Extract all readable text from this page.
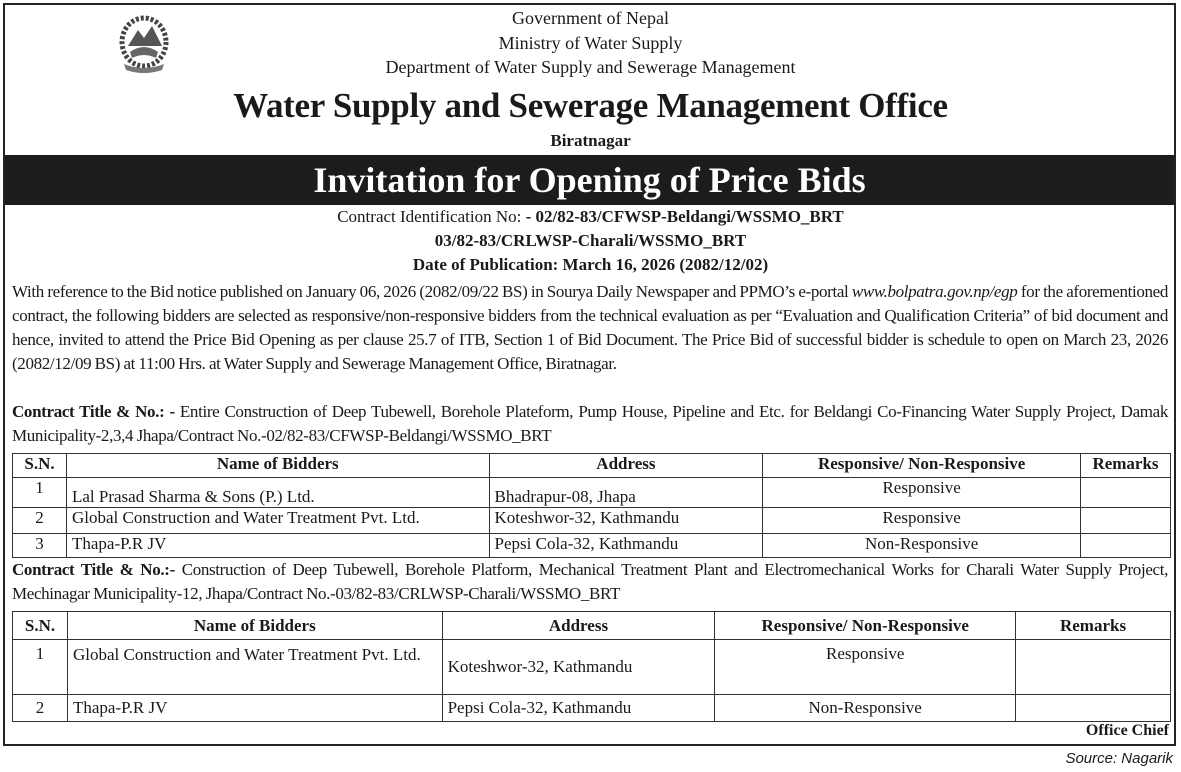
Government of Nepal
Ministry of Water Supply
Department of Water Supply and Sewerage Management
Water Supply and Sewerage Management Office
Biratnagar
Invitation for Opening of Price Bids
Contract Identification No: - 02/82-83/CFWSP-Beldangi/WSSMO_BRT
03/82-83/CRLWSP-Charali/WSSMO_BRT
Date of Publication: March 16, 2026 (2082/12/02)
With reference to the Bid notice published on January 06, 2026 (2082/09/22 BS) in Sourya Daily Newspaper and PPMO’s e-portal www.bolpatra.gov.np/egp for the aforementioned contract, the following bidders are selected as responsive/non-responsive bidders from the technical evaluation as per “Evaluation and Qualification Criteria” of bid document and hence, invited to attend the Price Bid Opening as per clause 25.7 of ITB, Section 1 of Bid Document. The Price Bid of successful bidder is schedule to open on March 23, 2026 (2082/12/09 BS) at 11:00 Hrs. at Water Supply and Sewerage Management Office, Biratnagar.
Contract Title & No.: - Entire Construction of Deep Tubewell, Borehole Plateform, Pump House, Pipeline and Etc. for Beldangi Co-Financing Water Supply Project, Damak Municipality-2,3,4 Jhapa/Contract No.-02/82-83/CFWSP-Beldangi/WSSMO_BRT
S.N.	Name of Bidders	Address	Responsive/ Non-Responsive	Remarks
1	Lal Prasad Sharma & Sons (P.) Ltd.	Bhadrapur-08, Jhapa	Responsive	
2	Global Construction and Water Treatment Pvt. Ltd.	Koteshwor-32, Kathmandu	Responsive	
3	Thapa-P.R JV	Pepsi Cola-32, Kathmandu	Non-Responsive	
Contract Title & No.:- Construction of Deep Tubewell, Borehole Platform, Mechanical Treatment Plant and Electromechanical Works for Charali Water Supply Project, Mechinagar Municipality-12, Jhapa/Contract No.-03/82-83/CRLWSP-Charali/WSSMO_BRT
S.N.	Name of Bidders	Address	Responsive/ Non-Responsive	Remarks
1	Global Construction and Water Treatment Pvt. Ltd.	Koteshwor-32, Kathmandu	Responsive	
2	Thapa-P.R JV	Pepsi Cola-32, Kathmandu	Non-Responsive	
Office Chief
Source: Nagarik
